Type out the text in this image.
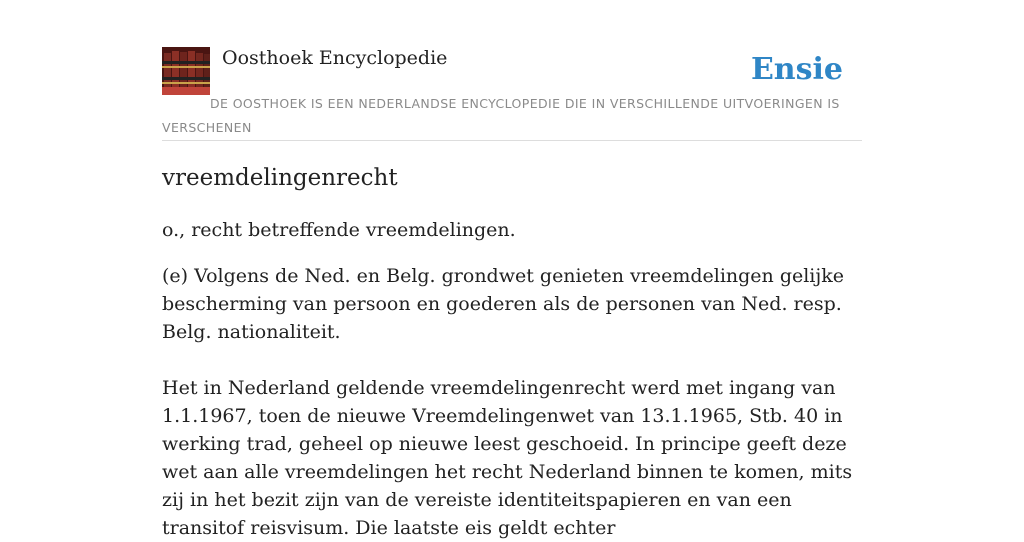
Oosthoek Encyclopedie	Ensie
DE OOSTHOEK IS EEN NEDERLANDSE ENCYCLOPEDIE DIE IN VERSCHILLENDE UITVOERINGEN IS VERSCHENEN
vreemdelingenrecht
o., recht betreffende vreemdelingen.

(e) Volgens de Ned. en Belg. grondwet genieten vreemdelingen gelijke bescherming van persoon en goederen als de personen van Ned. resp. Belg. nationaliteit.

Het in Nederland geldende vreemdelingenrecht werd met ingang van 1.1.1967, toen de nieuwe Vreemdelingenwet van 13.1.1965, Stb. 40 in werking trad, geheel op nieuwe leest geschoeid. In principe geeft deze wet aan alle vreemdelingen het recht Nederland binnen te komen, mits zij in het bezit zijn van de vereiste identiteitspapieren en van een transitof reisvisum. Die laatste eis geldt echter
